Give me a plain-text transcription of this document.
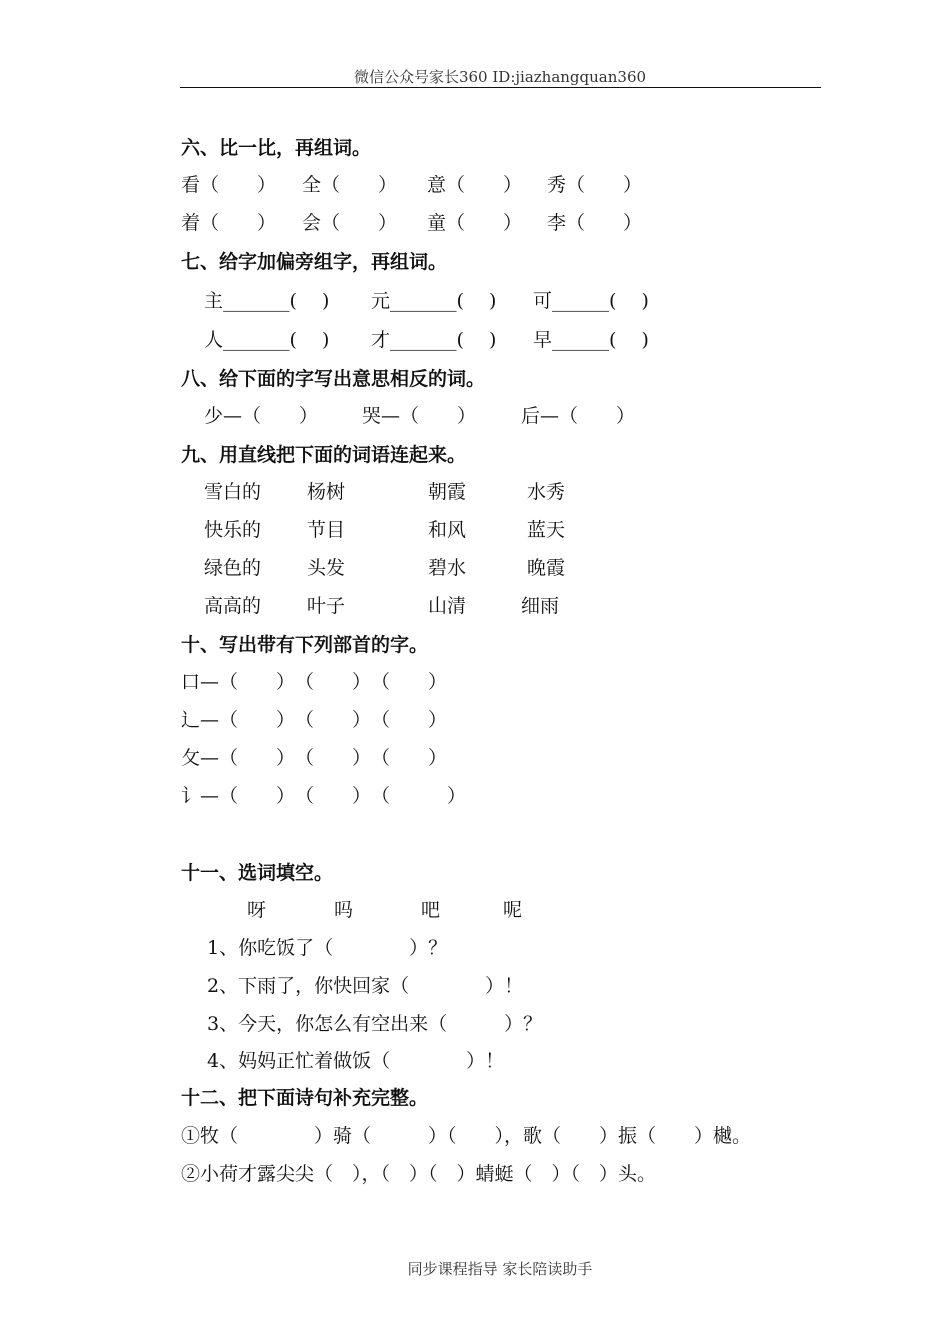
微信公众号家长360 ID:jiazhangquan360
六、比一比，再组词。
看（　　） 全（　　） 意（　　） 秀（　　）
着（　　） 会（　　） 童（　　） 李（　　）
七、给字加偏旁组字，再组词。
主_______(　 ) 元_______(　 ) 可______(　 )
人_______(　 ) 才_______(　 ) 早______(　 )
八、给下面的字写出意思相反的词。
少—（　　） 哭—（　　） 后—（　　）
九、用直线把下面的词语连起来。
雪白的 杨树	朝霞	水秀
快乐的 节目	和风	蓝天
绿色的 头发	碧水	晚霞
高高的 叶子	山清	细雨
十、写出带有下列部首的字。
口—（　　）　（　　）　（　　）
辶—（　　）　（　　）　（　　）
攵—（　　）　（　　）　（　　）
讠—（　　）　（　　）　（　　　）
十一、选词填空。
呀	吗	吧	呢
1、你吃饭了（　　　　）？
2、下雨了，你快回家（　　　　）！
3、今天，你怎么有空出来（　　　）？
4、妈妈正忙着做饭（　　　　）！
十二、把下面诗句补充完整。
①牧（　　　　）骑（　　　）（　　），歌（　　）振（　　）樾。
②小荷才露尖尖（　），（　）（　）蜻蜓（　）（　）头。
同步课程指导 家长陪读助手
